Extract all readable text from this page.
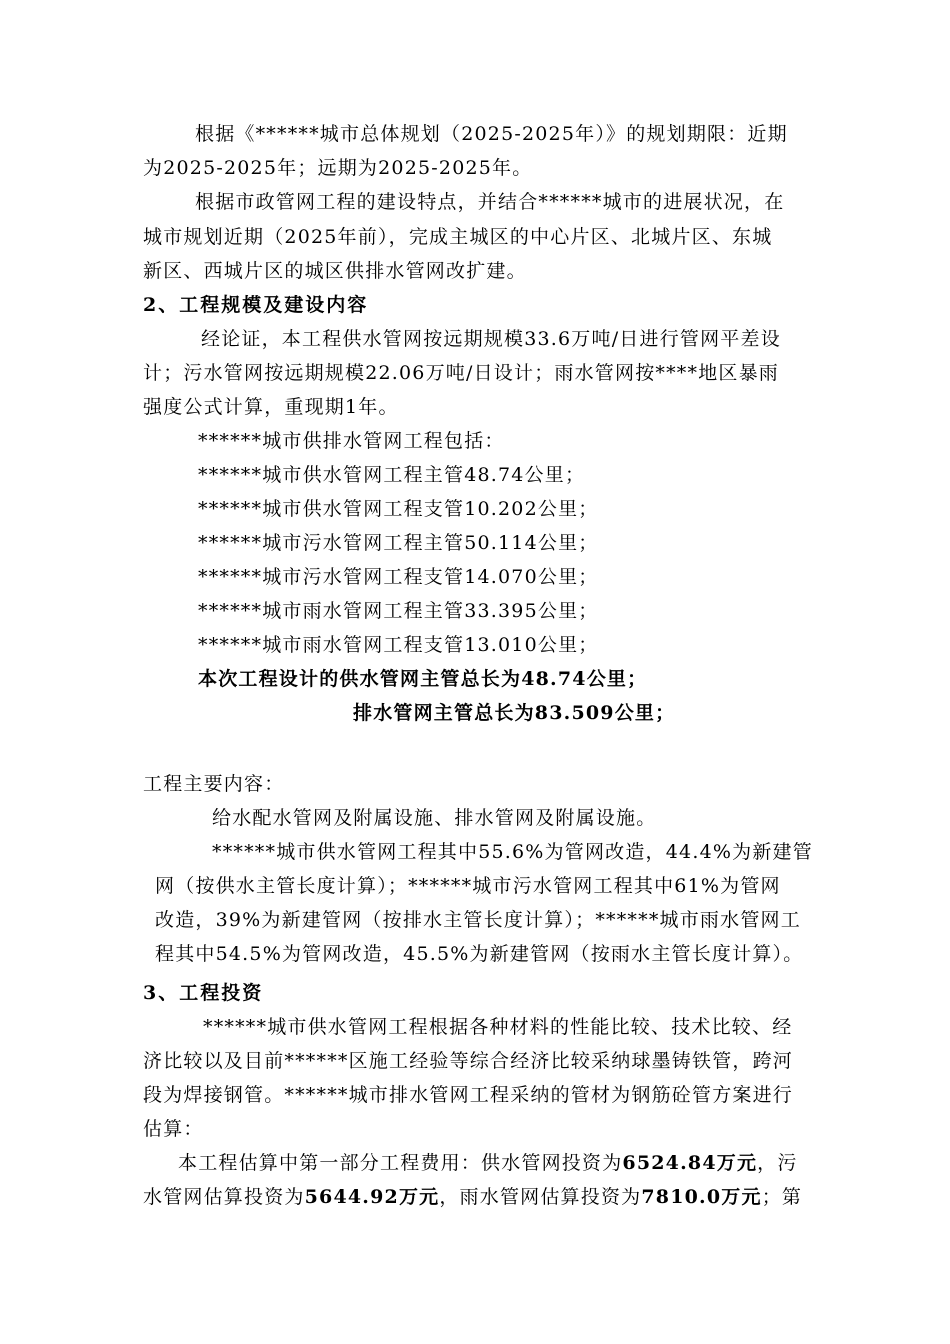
根据《******城市总体规划（2025-2025年）》的规划期限：近期
为2025-2025年；远期为2025-2025年。
根据市政管网工程的建设特点，并结合******城市的进展状况，在
城市规划近期（2025年前），完成主城区的中心片区、北城片区、东城
新区、西城片区的城区供排水管网改扩建。
2、工程规模及建设内容
经论证，本工程供水管网按远期规模33.6万吨/日进行管网平差设
计；污水管网按远期规模22.06万吨/日设计；雨水管网按****地区暴雨
强度公式计算，重现期1年。
******城市供排水管网工程包括：
******城市供水管网工程主管48.74公里；
******城市供水管网工程支管10.202公里；
******城市污水管网工程主管50.114公里；
******城市污水管网工程支管14.070公里；
******城市雨水管网工程主管33.395公里；
******城市雨水管网工程支管13.010公里；
本次工程设计的供水管网主管总长为48.74公里；
排水管网主管总长为83.509公里；
工程主要内容：
给水配水管网及附属设施、排水管网及附属设施。
******城市供水管网工程其中55.6%为管网改造，44.4%为新建管
网（按供水主管长度计算）；******城市污水管网工程其中61%为管网
改造，39%为新建管网（按排水主管长度计算）；******城市雨水管网工
程其中54.5%为管网改造，45.5%为新建管网（按雨水主管长度计算）。
3、工程投资
******城市供水管网工程根据各种材料的性能比较、技术比较、经
济比较以及目前******区施工经验等综合经济比较采纳球墨铸铁管，跨河
段为焊接钢管。******城市排水管网工程采纳的管材为钢筋砼管方案进行
估算：
本工程估算中第一部分工程费用：供水管网投资为6524.84万元，污
水管网估算投资为5644.92万元，雨水管网估算投资为7810.0万元；第
